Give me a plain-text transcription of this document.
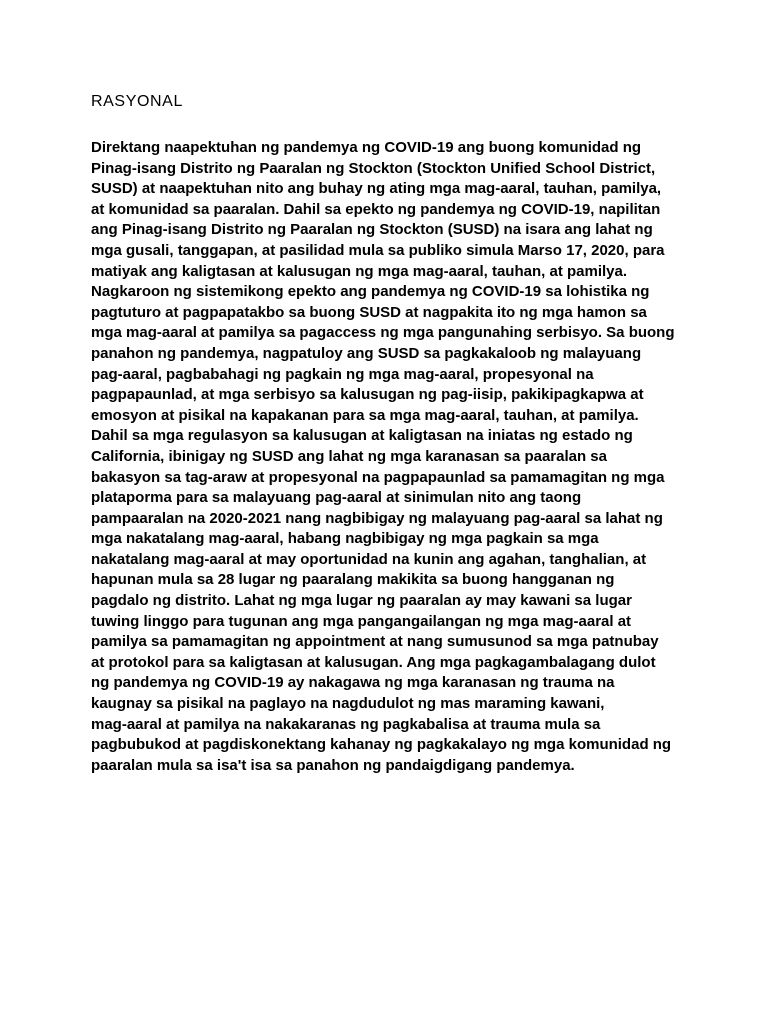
RASYONAL
Direktang naapektuhan ng pandemya ng COVID-19 ang buong komunidad ng
Pinag-isang Distrito ng Paaralan ng Stockton (Stockton Unified School District,
SUSD) at naapektuhan nito ang buhay ng ating mga mag-aaral, tauhan, pamilya,
at komunidad sa paaralan. Dahil sa epekto ng pandemya ng COVID-19, napilitan
ang Pinag-isang Distrito ng Paaralan ng Stockton (SUSD) na isara ang lahat ng
mga gusali, tanggapan, at pasilidad mula sa publiko simula Marso 17, 2020, para
matiyak ang kaligtasan at kalusugan ng mga mag-aaral, tauhan, at pamilya.
Nagkaroon ng sistemikong epekto ang pandemya ng COVID-19 sa lohistika ng
pagtuturo at pagpapatakbo sa buong SUSD at nagpakita ito ng mga hamon sa
mga mag-aaral at pamilya sa pagaccess ng mga pangunahing serbisyo. Sa buong
panahon ng pandemya, nagpatuloy ang SUSD sa pagkakaloob ng malayuang
pag-aaral, pagbabahagi ng pagkain ng mga mag-aaral, propesyonal na
pagpapaunlad, at mga serbisyo sa kalusugan ng pag-iisip, pakikipagkapwa at
emosyon at pisikal na kapakanan para sa mga mag-aaral, tauhan, at pamilya.
Dahil sa mga regulasyon sa kalusugan at kaligtasan na iniatas ng estado ng
California, ibinigay ng SUSD ang lahat ng mga karanasan sa paaralan sa
bakasyon sa tag-araw at propesyonal na pagpapaunlad sa pamamagitan ng mga
plataporma para sa malayuang pag-aaral at sinimulan nito ang taong
pampaaralan na 2020-2021 nang nagbibigay ng malayuang pag-aaral sa lahat ng
mga nakatalang mag-aaral, habang nagbibigay ng mga pagkain sa mga
nakatalang mag-aaral at may oportunidad na kunin ang agahan, tanghalian, at
hapunan mula sa 28 lugar ng paaralang makikita sa buong hangganan ng
pagdalo ng distrito. Lahat ng mga lugar ng paaralan ay may kawani sa lugar
tuwing linggo para tugunan ang mga pangangailangan ng mga mag-aaral at
pamilya sa pamamagitan ng appointment at nang sumusunod sa mga patnubay
at protokol para sa kaligtasan at kalusugan. Ang mga pagkagambalagang dulot
ng pandemya ng COVID-19 ay nakagawa ng mga karanasan ng trauma na
kaugnay sa pisikal na paglayo na nagdudulot ng mas maraming kawani,
mag-aaral at pamilya na nakakaranas ng pagkabalisa at trauma mula sa
pagbubukod at pagdiskonektang kahanay ng pagkakalayo ng mga komunidad ng
paaralan mula sa isa't isa sa panahon ng pandaigdigang pandemya.
